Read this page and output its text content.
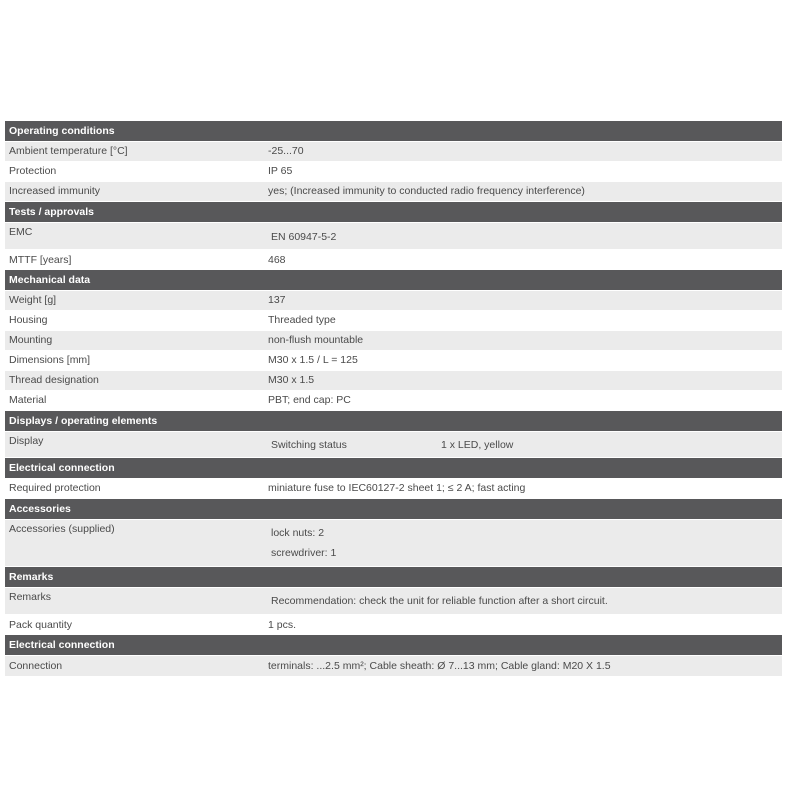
Operating conditions
Ambient temperature [°C]	-25...70
Protection	IP 65
Increased immunity	yes; (Increased immunity to conducted radio frequency interference)
Tests / approvals
EMC	EN 60947-5-2
MTTF [years]	468
Mechanical data
Weight [g]	137
Housing	Threaded type
Mounting	non-flush mountable
Dimensions [mm]	M30 x 1.5 / L = 125
Thread designation	M30 x 1.5
Material	PBT; end cap: PC
Displays / operating elements
Display	Switching status	1 x LED, yellow
Electrical connection
Required protection	miniature fuse to IEC60127-2 sheet 1; ≤ 2 A; fast acting
Accessories
Accessories (supplied)	lock nuts: 2
screwdriver: 1
Remarks
Remarks	Recommendation: check the unit for reliable function after a short circuit.
Pack quantity	1 pcs.
Electrical connection
Connection	terminals: ...2.5 mm²; Cable sheath: Ø 7...13 mm; Cable gland: M20 X 1.5
